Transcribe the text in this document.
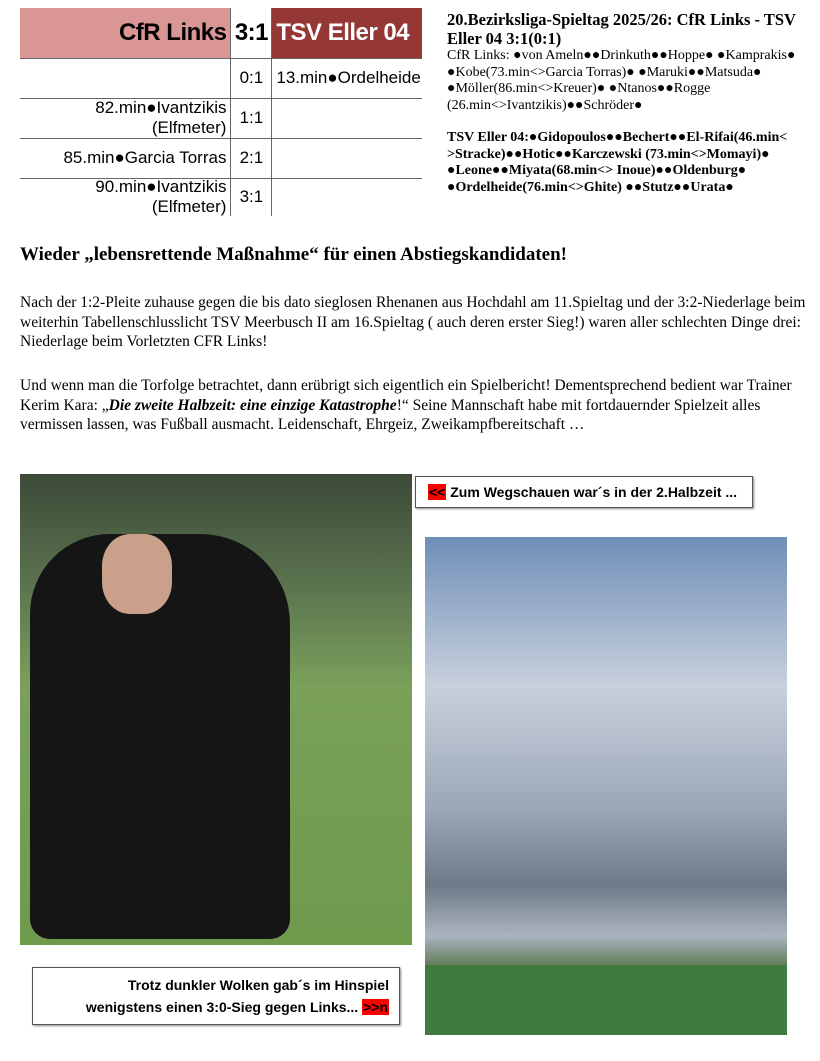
CfR Links 3:1 TSV Eller 04
0:1 13.min●Ordelheide
82.min●Ivantzikis (Elfmeter)
1:1
85.min●Garcia Torras 2:1
90.min●Ivantzikis (Elfmeter)
3:1
20.Bezirksliga-Spieltag 2025/26: CfR Links - TSV Eller 04 3:1(0:1)

CfR Links: ●von Ameln●●Drinkuth●●Hoppe● ●Kamprakis● ●Kobe(73.min<>Garcia Torras)● ●Maruki●●Matsuda● ●Möller(86.min<>Kreuer)● ●Ntanos●●Rogge (26.min<>Ivantzikis)●●Schröder●

TSV Eller 04:●Gidopoulos●●Bechert●●El-Rifai(46.min< >Stracke)●●Hotic●●Karczewski (73.min<>Momayi)● ●Leone●●Miyata(68.min<> Inoue)●●Oldenburg● ●Ordelheide(76.min<>Ghite) ●●Stutz●●Urata●

Wieder „lebensrettende Maßnahme“ für einen Abstiegskandidaten!

Nach der 1:2-Pleite zuhause gegen die bis dato sieglosen Rhenanen aus Hochdahl am 11.Spieltag und der 3:2-Niederlage beim weiterhin Tabellenschlusslicht TSV Meerbusch II am 16.Spieltag ( auch deren erster Sieg!) waren aller schlechten Dinge drei: Niederlage beim Vorletzten CFR Links!

Und wenn man die Torfolge betrachtet, dann erübrigt sich eigentlich ein Spielbericht! Dementsprechend bedient war Trainer Kerim Kara: „Die zweite Halbzeit: eine einzige Katastrophe!“ Seine Mannschaft habe mit fortdauernder Spielzeit alles vermissen lassen, was Fußball ausmacht. Leidenschaft, Ehrgeiz, Zweikampfbereitschaft …

<<
Zum Wegschauen war´s in der 2.Halbzeit ...
Trotz dunkler Wolken gab´s im Hinspiel
wenigstens einen 3:0-Sieg gegen Links... >>n
